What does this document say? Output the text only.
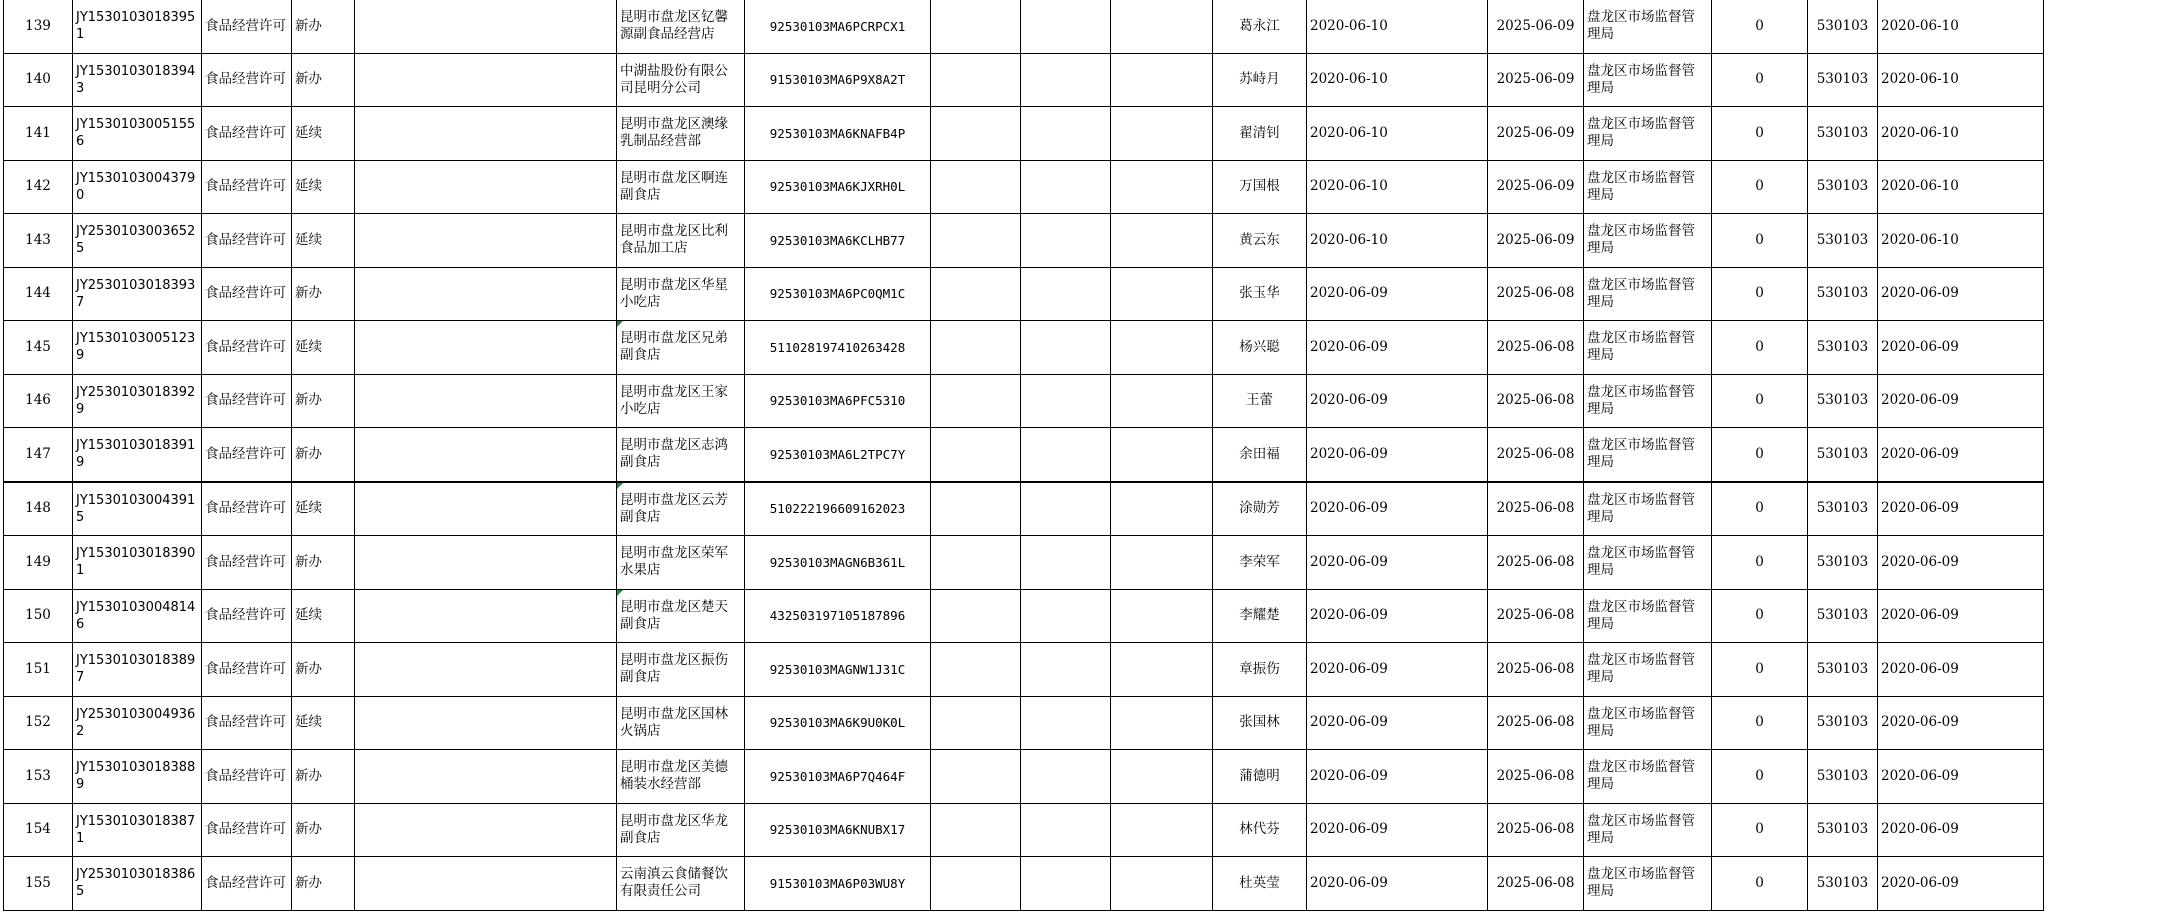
139	JY15301030183951	食品经营许可	新办		昆明市盘龙区钇馨源副食品经营店	92530103MA6PCRPCX1				葛永江	2020-06-10	2025-06-09	盘龙区市场监督管理局	0	530103	2020-06-10
140	JY15301030183943	食品经营许可	新办		中湖盐股份有限公司昆明分公司	91530103MA6P9X8A2T				苏峙月	2020-06-10	2025-06-09	盘龙区市场监督管理局	0	530103	2020-06-10
141	JY15301030051556	食品经营许可	延续		昆明市盘龙区澳缘乳制品经营部	92530103MA6KNAFB4P				翟清钊	2020-06-10	2025-06-09	盘龙区市场监督管理局	0	530103	2020-06-10
142	JY15301030043790	食品经营许可	延续		昆明市盘龙区啊连副食店	92530103MA6KJXRH0L				万国根	2020-06-10	2025-06-09	盘龙区市场监督管理局	0	530103	2020-06-10
143	JY25301030036525	食品经营许可	延续		昆明市盘龙区比利食品加工店	92530103MA6KCLHB77				黄云东	2020-06-10	2025-06-09	盘龙区市场监督管理局	0	530103	2020-06-10
144	JY25301030183937	食品经营许可	新办		昆明市盘龙区华星小吃店	92530103MA6PC0QM1C				张玉华	2020-06-09	2025-06-08	盘龙区市场监督管理局	0	530103	2020-06-09
145	JY15301030051239	食品经营许可	延续		昆明市盘龙区兄弟副食店	511028197410263428				杨兴聪	2020-06-09	2025-06-08	盘龙区市场监督管理局	0	530103	2020-06-09
146	JY25301030183929	食品经营许可	新办		昆明市盘龙区王家小吃店	92530103MA6PFC5310				王蕾	2020-06-09	2025-06-08	盘龙区市场监督管理局	0	530103	2020-06-09
147	JY15301030183919	食品经营许可	新办		昆明市盘龙区志鸿副食店	92530103MA6L2TPC7Y				余田福	2020-06-09	2025-06-08	盘龙区市场监督管理局	0	530103	2020-06-09
148	JY15301030043915	食品经营许可	延续		昆明市盘龙区云芳副食店	510222196609162023				涂勋芳	2020-06-09	2025-06-08	盘龙区市场监督管理局	0	530103	2020-06-09
149	JY15301030183901	食品经营许可	新办		昆明市盘龙区荣军水果店	92530103MAGN6B361L				李荣军	2020-06-09	2025-06-08	盘龙区市场监督管理局	0	530103	2020-06-09
150	JY15301030048146	食品经营许可	延续		昆明市盘龙区楚天副食店	432503197105187896				李耀楚	2020-06-09	2025-06-08	盘龙区市场监督管理局	0	530103	2020-06-09
151	JY15301030183897	食品经营许可	新办		昆明市盘龙区振伤副食店	92530103MAGNW1J31C				章振伤	2020-06-09	2025-06-08	盘龙区市场监督管理局	0	530103	2020-06-09
152	JY25301030049362	食品经营许可	延续		昆明市盘龙区国林火锅店	92530103MA6K9U0K0L				张国林	2020-06-09	2025-06-08	盘龙区市场监督管理局	0	530103	2020-06-09
153	JY15301030183889	食品经营许可	新办		昆明市盘龙区美德桶装水经营部	92530103MA6P7Q464F				蒲德明	2020-06-09	2025-06-08	盘龙区市场监督管理局	0	530103	2020-06-09
154	JY15301030183871	食品经营许可	新办		昆明市盘龙区华龙副食店	92530103MA6KNUBX17				林代芬	2020-06-09	2025-06-08	盘龙区市场监督管理局	0	530103	2020-06-09
155	JY25301030183865	食品经营许可	新办		云南滇云食储餐饮有限责任公司	91530103MA6P03WU8Y				杜英莹	2020-06-09	2025-06-08	盘龙区市场监督管理局	0	530103	2020-06-09
